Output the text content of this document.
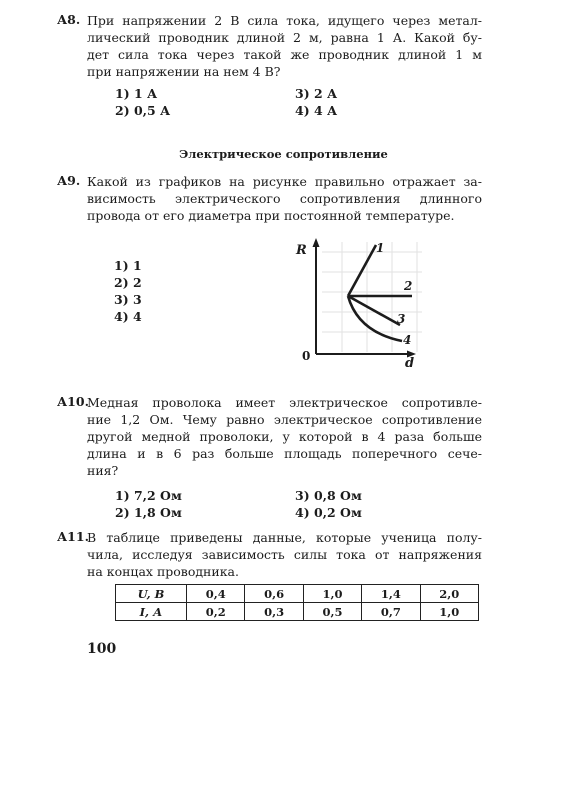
А8. При напряжении 2 В сила тока, идущего через метал-
лический проводник длиной 2 м, равна 1 А. Какой бу-
дет сила тока через такой же проводник длиной 1 м
при напряжении на нем 4 В?
1) 1 А	3) 2 А
2) 0,5 А	4) 4 А
Электрическое сопротивление
А9. Какой из графиков на рисунке правильно отражает за-
висимость электрического сопротивления длинного
провода от его диаметра при постоянной температуре.
1) 1
2) 2
3) 3
4) 4
R
d
0
1
2
3
4
А10.
Медная проволока имеет электрическое сопротивле-
ние 1,2 Ом. Чему равно электрическое сопротивление
другой медной проволоки, у которой в 4 раза больше
длина и в 6 раз больше площадь поперечного сече-
ния?
1) 7,2 Ом	3) 0,8 Ом
2) 1,8 Ом	4) 0,2 Ом
А11.
В таблице приведены данные, которые ученица полу-
чила, исследуя зависимость силы тока от напряжения
на концах проводника.
U, В	0,4	0,6	1,0	1,4	2,0
I, А	0,2	0,3	0,5	0,7	1,0
100
